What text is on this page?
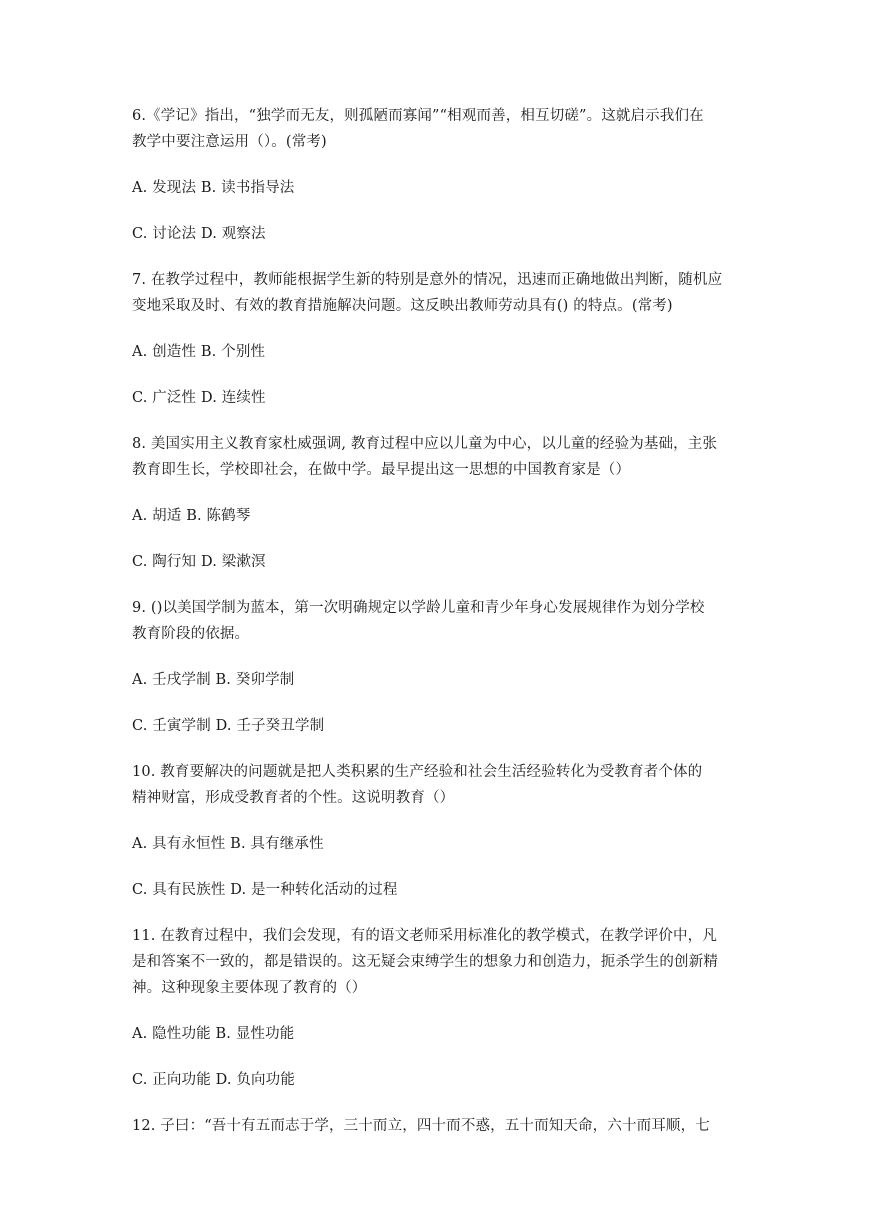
6.《学记》指出，“独学而无友，则孤陋而寡闻”“相观而善，相互切磋”。这就启示我们在
教学中要注意运用（）。(常考)
A. 发现法 B. 读书指导法
C. 讨论法 D. 观察法
7. 在教学过程中，教师能根据学生新的特别是意外的情况，迅速而正确地做出判断，随机应
变地采取及时、有效的教育措施解决问题。这反映出教师劳动具有() 的特点。(常考)
A. 创造性 B. 个别性
C. 广泛性 D. 连续性
8. 美国实用主义教育家杜威强调, 教育过程中应以儿童为中心，以儿童的经验为基础，主张
教育即生长，学校即社会，在做中学。最早提出这一思想的中国教育家是（）
A. 胡适 B. 陈鹤琴
C. 陶行知 D. 梁漱溟
9. ()以美国学制为蓝本，第一次明确规定以学龄儿童和青少年身心发展规律作为划分学校
教育阶段的依据。
A. 壬戌学制 B. 癸卯学制
C. 壬寅学制 D. 壬子癸丑学制
10. 教育要解决的问题就是把人类积累的生产经验和社会生活经验转化为受教育者个体的
精神财富，形成受教育者的个性。这说明教育（）
A. 具有永恒性 B. 具有继承性
C. 具有民族性 D. 是一种转化活动的过程
11. 在教育过程中，我们会发现，有的语文老师采用标准化的教学模式，在教学评价中，凡
是和答案不一致的，都是错误的。这无疑会束缚学生的想象力和创造力，扼杀学生的创新精
神。这种现象主要体现了教育的（）
A. 隐性功能 B. 显性功能
C. 正向功能 D. 负向功能
12. 子曰：“吾十有五而志于学，三十而立，四十而不惑，五十而知天命，六十而耳顺，七
